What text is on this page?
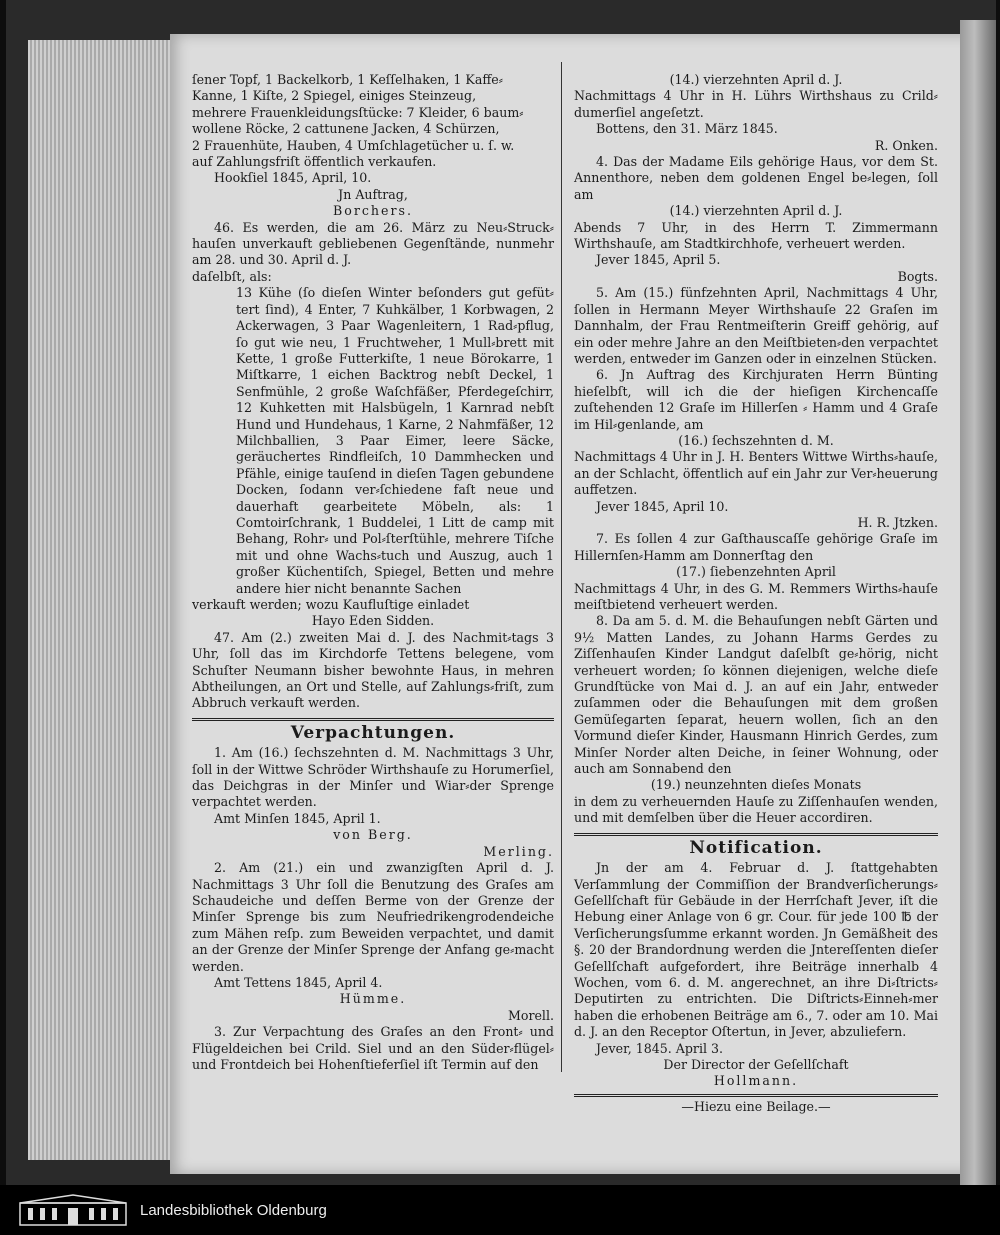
ſener Topf, 1 Backelkorb, 1 Keſſelhaken, 1 Kaffe⸗

Kanne, 1 Kiſte, 2 Spiegel, einiges Steinzeug,

mehrere Frauenkleidungsſtücke: 7 Kleider, 6 baum⸗

wollene Röcke, 2 cattunene Jacken, 4 Schürzen,

2 Frauenhüte, Hauben, 4 Umſchlagetücher u. ſ. w.

auf Zahlungsfriſt öffentlich verkaufen.

Hookſiel 1845, April, 10.

Jn Auftrag,

Borchers.

46. Es werden, die am 26. März zu Neu⸗Struck⸗hauſen unverkauft gebliebenen Gegenſtände, nunmehr am 28. und 30. April d. J.

daſelbſt, als:

13 Kühe (ſo dieſen Winter beſonders gut gefüt⸗tert ſind), 4 Enter, 7 Kuhkälber, 1 Korbwagen, 2 Ackerwagen, 3 Paar Wagenleitern, 1 Rad⸗pflug, ſo gut wie neu, 1 Fruchtweher, 1 Mull⸗brett mit Kette, 1 große Futterkiſte, 1 neue Börokarre, 1 Miſtkarre, 1 eichen Backtrog nebſt Deckel, 1 Senfmühle, 2 große Waſchfäßer, Pferdegeſchirr, 12 Kuhketten mit Halsbügeln, 1 Karnrad nebſt Hund und Hundehaus, 1 Karne, 2 Nahmfäßer, 12 Milchballien, 3 Paar Eimer, leere Säcke, geräuchertes Rindfleiſch, 10 Dammhecken und Pfähle, einige tauſend in dieſen Tagen gebundene Docken, ſodann ver⸗ſchiedene faſt neue und dauerhaft gearbeitete Möbeln, als: 1 Comtoirſchrank, 1 Buddelei, 1 Litt de camp mit Behang, Rohr⸗ und Pol⸗ſterſtühle, mehrere Tiſche mit und ohne Wachs⸗tuch und Auszug, auch 1 großer Küchentiſch, Spiegel, Betten und mehre andere hier nicht benannte Sachen

verkauft werden; wozu Kaufluſtige einladet

Hayo Eden Sidden.

47. Am (2.) zweiten Mai d. J. des Nachmit⸗tags 3 Uhr, ſoll das im Kirchdorfe Tettens belegene, vom Schuſter Neumann bisher bewohnte Haus, in mehren Abtheilungen, an Ort und Stelle, auf Zahlungs⸗friſt, zum Abbruch verkauft werden.

Verpachtungen.

1. Am (16.) ſechszehnten d. M. Nachmittags 3 Uhr, ſoll in der Wittwe Schröder Wirthshauſe zu Horumerſiel, das Deichgras in der Minſer und Wiar⸗der Sprenge verpachtet werden.

Amt Minſen 1845, April 1.

von Berg.

Merling.

2. Am (21.) ein und zwanzigſten April d. J. Nachmittags 3 Uhr ſoll die Benutzung des Graſes am Schaudeiche und deſſen Berme von der Grenze der Minſer Sprenge bis zum Neufriedrikengrodendeiche zum Mähen reſp. zum Beweiden verpachtet, und damit an der Grenze der Minſer Sprenge der Anfang ge⸗macht werden.

Amt Tettens 1845, April 4.

Hümme.

Morell.

3. Zur Verpachtung des Graſes an den Front⸗ und Flügeldeichen bei Crild. Siel und an den Süder⸗flügel⸗ und Frontdeich bei Hohenſtieferſiel iſt Termin auf den

(14.) vierzehnten April d. J.

Nachmittags 4 Uhr in H. Lührs Wirthshaus zu Crild⸗dumerſiel angeſetzt.

Bottens, den 31. März 1845.

R. Onken.

4. Das der Madame Eils gehörige Haus, vor dem St. Annenthore, neben dem goldenen Engel be⸗legen, ſoll am

(14.) vierzehnten April d. J.

Abends 7 Uhr, in des Herrn T. Zimmermann Wirthshauſe, am Stadtkirchhofe, verheuert werden.

Jever 1845, April 5.

Bogts.

5. Am (15.) fünfzehnten April, Nachmittags 4 Uhr, ſollen in Hermann Meyer Wirthshauſe 22 Graſen im Dannhalm, der Frau Rentmeiſterin Greiff gehörig, auf ein oder mehre Jahre an den Meiſtbieten⸗den verpachtet werden, entweder im Ganzen oder in einzelnen Stücken.

6. Jn Auftrag des Kirchjuraten Herrn Bünting hieſelbſt, will ich die der hieſigen Kirchencaſſe zuſtehenden 12 Graſe im Hillerſen ⸗ Hamm und 4 Graſe im Hil⸗genlande, am

(16.) ſechszehnten d. M.

Nachmittags 4 Uhr in J. H. Benters Wittwe Wirths⸗hauſe, an der Schlacht, öffentlich auf ein Jahr zur Ver⸗heuerung auffetzen.

Jever 1845, April 10.

H. R. Jtzken.

7. Es ſollen 4 zur Gaſthauscaſſe gehörige Graſe im Hillernſen⸗Hamm am Donnerſtag den

(17.) ſiebenzehnten April

Nachmittags 4 Uhr, in des G. M. Remmers Wirths⸗hauſe meiſtbietend verheuert werden.

8. Da am 5. d. M. die Behauſungen nebſt Gärten und 9½ Matten Landes, zu Johann Harms Gerdes zu Ziſſenhauſen Kinder Landgut daſelbſt ge⸗hörig, nicht verheuert worden; ſo können diejenigen, welche dieſe Grundſtücke von Mai d. J. an auf ein Jahr, entweder zuſammen oder die Behauſungen mit dem großen Gemüſegarten ſeparat, heuern wollen, ſich an den Vormund dieſer Kinder, Hausmann Hinrich Gerdes, zum Minſer Norder alten Deiche, in ſeiner Wohnung, oder auch am Sonnabend den

(19.) neunzehnten dieſes Monats

in dem zu verheuernden Hauſe zu Ziſſenhauſen wenden, und mit demſelben über die Heuer accordiren.

Notification.

Jn der am 4. Februar d. J. ſtattgehabten Verſammlung der Commiſſion der Brandverſicherungs⸗Geſellſchaft für Gebäude in der Herrſchaft Jever, iſt die Hebung einer Anlage von 6 gr. Cour. für jede 100 ℔ der Verſicherungsſumme erkannt worden. Jn Gemäßheit des §. 20 der Brandordnung werden die Jntereſſenten dieſer Geſellſchaft aufgefordert, ihre Beiträge innerhalb 4 Wochen, vom 6. d. M. angerechnet, an ihre Di⸗ſtricts⸗Deputirten zu entrichten. Die Diſtricts⸗Einneh⸗mer haben die erhobenen Beiträge am 6., 7. oder am 10. Mai d. J. an den Receptor Oſtertun, in Jever, abzuliefern.

Jever, 1845. April 3.

Der Director der Geſellſchaft

Hollmann.

—Hiezu eine Beilage.—

Landesbibliothek Oldenburg
